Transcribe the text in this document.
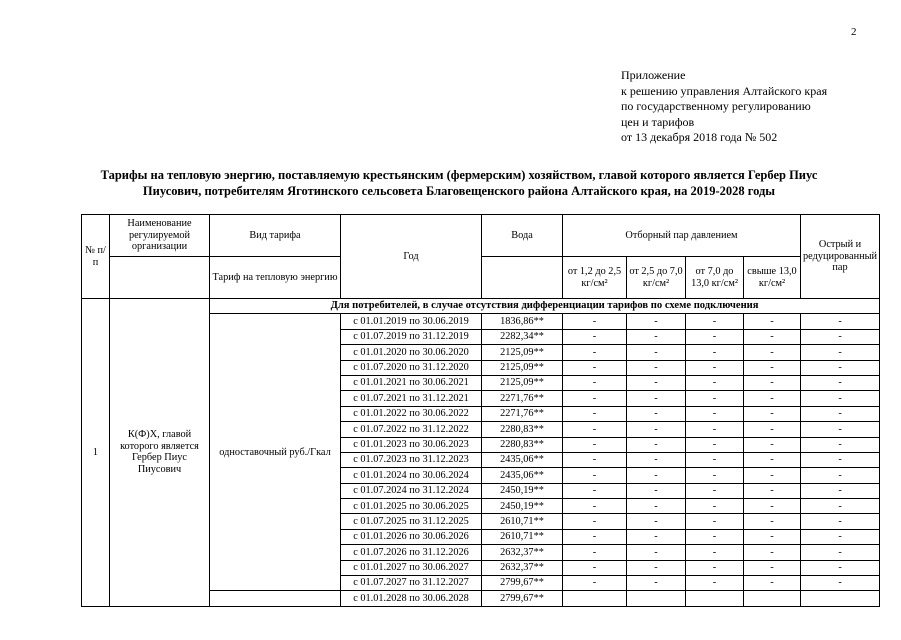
2
Приложение
к решению управления Алтайского края
по государственному регулированию
цен и тарифов
от 13 декабря 2018 года № 502
Тарифы на тепловую энергию, поставляемую крестьянским (фермерским) хозяйством, главой которого является Гербер Пиус Пиусович, потребителям Яготинского сельсовета Благовещенского района Алтайского края, на 2019-2028 годы
№ п/п	Наименование регулируемой организации	Вид тарифа	Год	Вода	Отборный пар давлением				Острый и редуцированный пар
		Тариф на тепловую энергию			от 1,2 до 2,5 кг/см²	от 2,5 до 7,0 кг/см²	от 7,0 до 13,0 кг/см²	свыше 13,0 кг/см²	
1	К(Ф)Х, главой которого является Гербер Пиус Пиусович	Для потребителей, в случае отсутствия дифференциации тарифов по схеме подключения							
		одноставочный руб./Гкал	с 01.01.2019 по 30.06.2019	1836,86**	-	-	-	-	-
			с 01.07.2019 по 31.12.2019	2282,34**	-	-	-	-	-
			с 01.01.2020 по 30.06.2020	2125,09**	-	-	-	-	-
			с 01.07.2020 по 31.12.2020	2125,09**	-	-	-	-	-
			с 01.01.2021 по 30.06.2021	2125,09**	-	-	-	-	-
			с 01.07.2021 по 31.12.2021	2271,76**	-	-	-	-	-
			с 01.01.2022 по 30.06.2022	2271,76**	-	-	-	-	-
			с 01.07.2022 по 31.12.2022	2280,83**	-	-	-	-	-
			с 01.01.2023 по 30.06.2023	2280,83**	-	-	-	-	-
			с 01.07.2023 по 31.12.2023	2435,06**	-	-	-	-	-
			с 01.01.2024 по 30.06.2024	2435,06**	-	-	-	-	-
			с 01.07.2024 по 31.12.2024	2450,19**	-	-	-	-	-
			с 01.01.2025 по 30.06.2025	2450,19**	-	-	-	-	-
			с 01.07.2025 по 31.12.2025	2610,71**	-	-	-	-	-
			с 01.01.2026 по 30.06.2026	2610,71**	-	-	-	-	-
			с 01.07.2026 по 31.12.2026	2632,37**	-	-	-	-	-
			с 01.01.2027 по 30.06.2027	2632,37**	-	-	-	-	-
			с 01.07.2027 по 31.12.2027	2799,67**	-	-	-	-	-
			с 01.01.2028 по 30.06.2028	2799,67**					
